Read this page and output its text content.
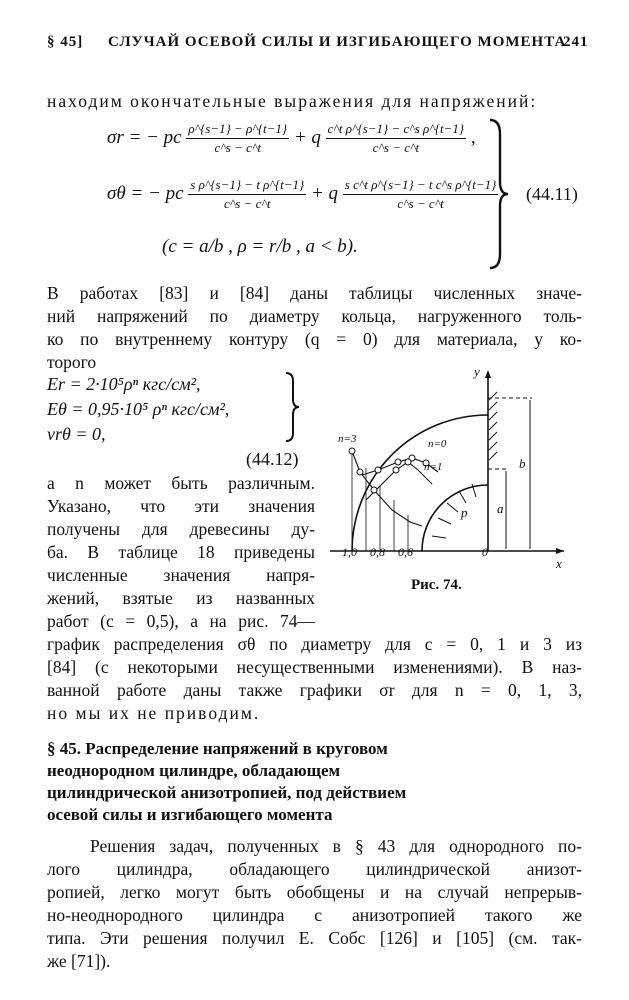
§ 45] СЛУЧАЙ ОСЕВОЙ СИЛЫ И ИЗГИБАЮЩЕГО МОМЕНТА
241
находим окончательные выражения для напряжений:
σr = − pc $\frac{\rho\^{}\{s-1\} - \rho\^{}\{t-1\}}{c\^{}s - c\^{}t} + q \frac{\text{c\textasciicircum{}t ρ\textasciicircum{}\{s−1\} − c\textasciicircum{}s ρ\textasciicircum{}\{t−1\}}}{c\^{}s - c\^{}t}$ ,
σθ = − pc $\frac{\text{s ρ\textasciicircum{}\{s−1\} − t ρ\textasciicircum{}\{t−1\}}}{c\^{}s - c\^{}t} + q \frac{\text{s c\textasciicircum{}t ρ\textasciicircum{}\{s−1\} − t c\textasciicircum{}s ρ\textasciicircum{}\{t−1\}}}{c\^{}s - c\^{}t}$
(c = a/b , ρ = r/b , a < b).
(44.11)
В работах [83] и [84] даны таблицы численных значе-
ний напряжений по диаметру кольца, нагруженного толь-
ко по внутреннему контуру (q = 0) для материала, у ко-
торого
Er = 2·10⁵ρⁿ кгс/см²,
Eθ = 0,95·10⁵ ρⁿ кгс/см²,
νrθ = 0,
(44.12)
а n может быть различным.
Указано, что эти значения
получены для древесины ду-
ба. В таблице 18 приведены
численные значения напря-
жений, взятые из названных
работ (c = 0,5), а на рис. 74—
y
x
b
a
p
n=3	n=0
n=1
1,0 0,8 0,6	0
Рис. 74.
график распределения σθ по диаметру для c = 0, 1 и 3 из
[84] (с некоторыми несущественными изменениями). В наз-
ванной работе даны также графики σr для n = 0, 1, 3,
но мы их не приводим.
§ 45. Распределение напряжений в круговом
неоднородном цилиндре, обладающем
цилиндрической анизотропией, под действием
осевой силы и изгибающего момента
Решения задач, полученных в § 43 для однородного по-
лого цилиндра, обладающего цилиндрической анизот-
ропией, легко могут быть обобщены и на случай непрерыв-
но-неоднородного цилиндра с анизотропией такого же
типа. Эти решения получил Е. Собс [126] и [105] (см. так-
же [71]).
